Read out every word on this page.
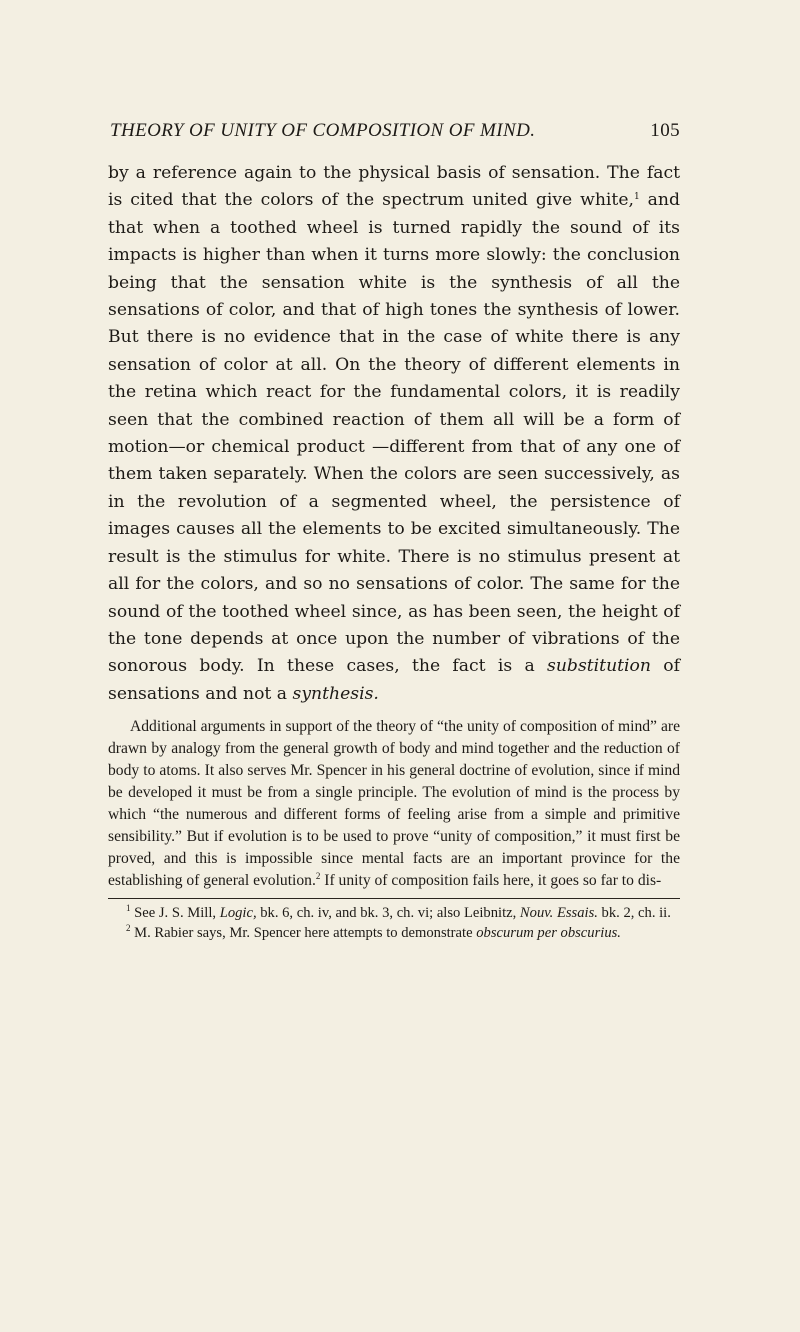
THEORY OF UNITY OF COMPOSITION OF MIND.	105

by a reference again to the physical basis of sensation. The fact is cited that the colors of the spectrum united give white,$^1$ and that when a toothed wheel is turned rapidly the sound of its impacts is higher than when it turns more slowly: the conclusion being that the sensation white is the synthesis of all the sensations of color, and that of high tones the synthesis of lower. But there is no evidence that in the case of white there is any sensation of color at all. On the theory of different elements in the retina which react for the fundamental colors, it is readily seen that the combined reaction of them all will be a form of motion—or chemical product —different from that of any one of them taken separately. When the colors are seen successively, as in the revolution of a segmented wheel, the persistence of images causes all the elements to be excited simultaneously. The result is the stimulus for white. There is no stimulus present at all for the colors, and so no sensations of color. The same for the sound of the toothed wheel since, as has been seen, the height of the tone depends at once upon the number of vibrations of the sonorous body. In these cases, the fact is a substitution of sensations and not a synthesis.

Additional arguments in support of the theory of “the unity of composition of mind” are drawn by analogy from the general growth of body and mind together and the reduction of body to atoms. It also serves Mr. Spencer in his general doctrine of evolution, since if mind be developed it must be from a single principle. The evolution of mind is the process by which “the numerous and different forms of feeling arise from a simple and primitive sensibility.” But if evolution is to be used to prove “unity of composition,” it must first be proved, and this is impossible since mental facts are an important province for the establishing of general evolution.$^2$ If unity of composition fails here, it goes so far to dis-

$^1$ See J. S. Mill, Logic, bk. 6, ch. iv, and bk. 3, ch. vi; also Leibnitz, Nouv. Essais. bk. 2, ch. ii.

$^2$ M. Rabier says, Mr. Spencer here attempts to demonstrate obscurum per obscurius.
